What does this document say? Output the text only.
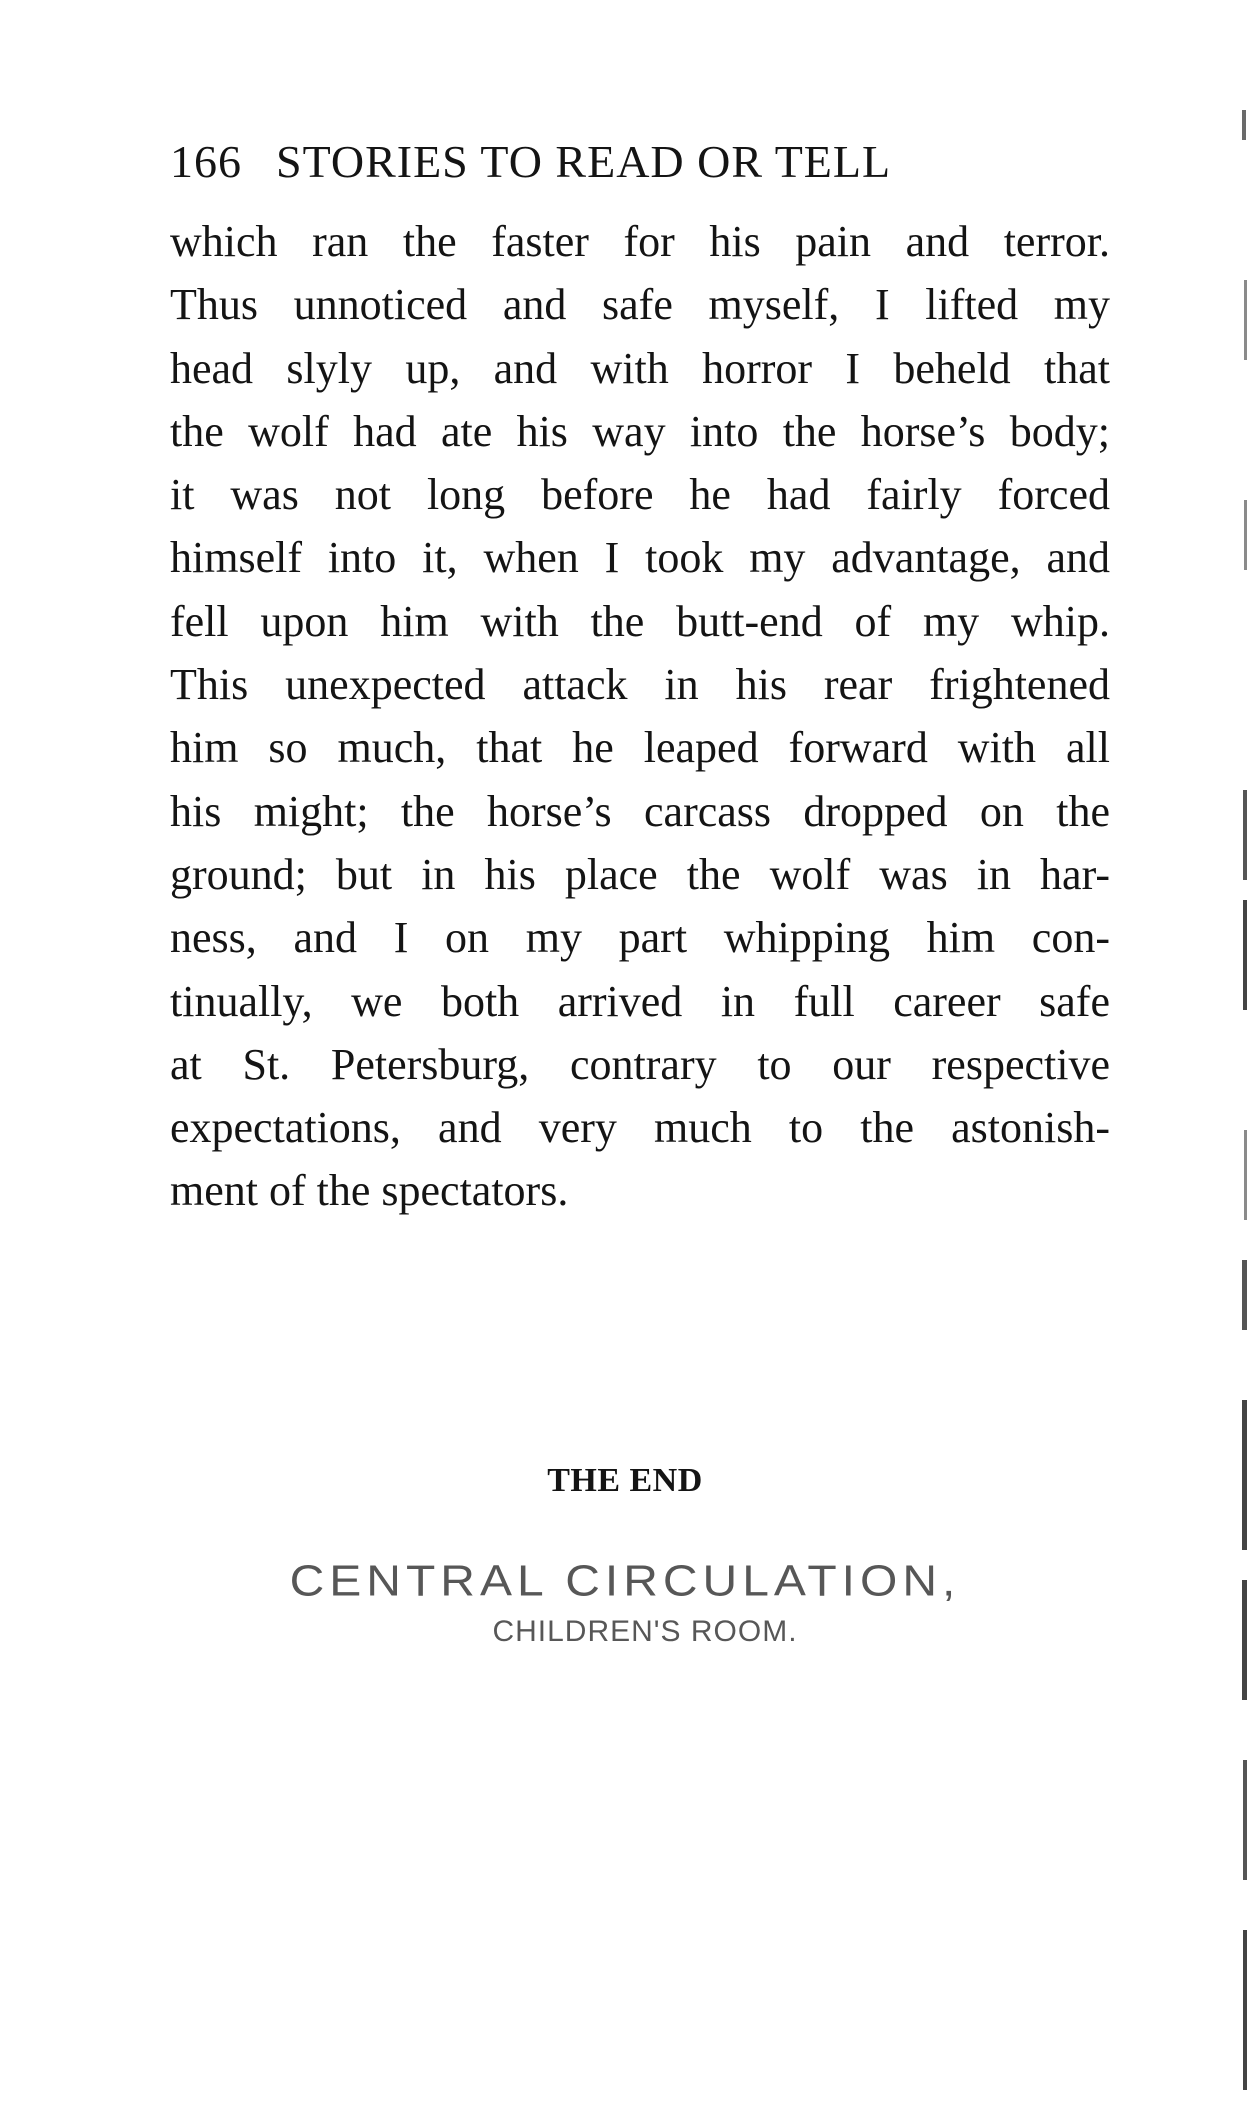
166 STORIES TO READ OR TELL
which ran the faster for his pain and terror.
Thus unnoticed and safe myself, I lifted my
head slyly up, and with horror I beheld that
the wolf had ate his way into the horse’s body;
it was not long before he had fairly forced
himself into it, when I took my advantage, and
fell upon him with the butt-end of my whip.
This unexpected attack in his rear frightened
him so much, that he leaped forward with all
his might; the horse’s carcass dropped on the
ground; but in his place the wolf was in har-
ness, and I on my part whipping him con-
tinually, we both arrived in full career safe
at St. Petersburg, contrary to our respective
expectations, and very much to the astonish-
ment of the spectators.
THE END
CENTRAL CIRCULATION,
CHILDREN'S ROOM.
